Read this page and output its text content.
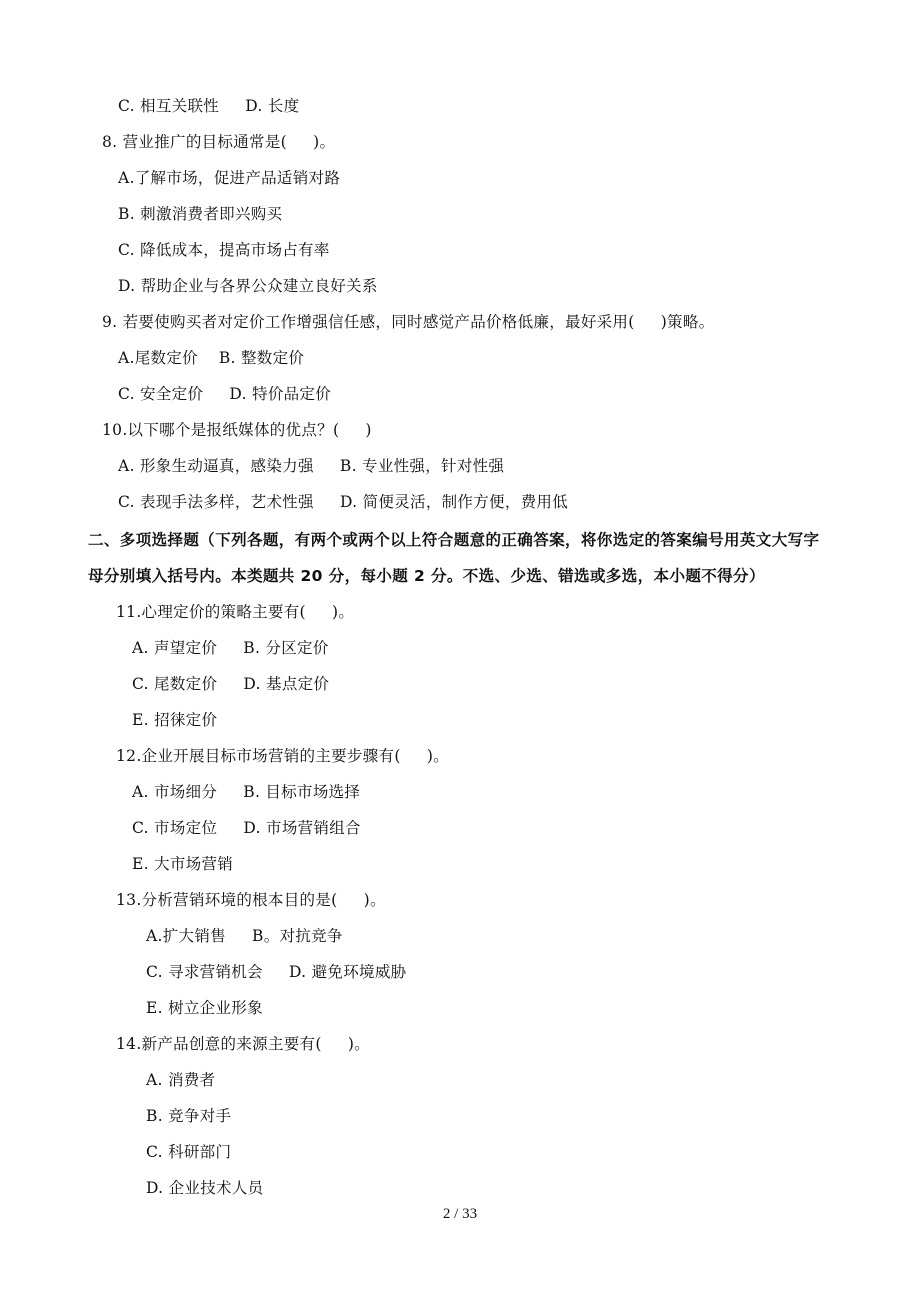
C. 相互关联性     D. 长度
8. 营业推广的目标通常是(     )。
A.了解市场，促进产品适销对路
B. 刺激消费者即兴购买
C. 降低成本，提高市场占有率
D. 帮助企业与各界公众建立良好关系
9. 若要使购买者对定价工作增强信任感，同时感觉产品价格低廉，最好采用(     )策略。
A.尾数定价    B. 整数定价
C. 安全定价     D. 特价品定价
10.以下哪个是报纸媒体的优点？(     )
A. 形象生动逼真，感染力强     B. 专业性强，针对性强
C. 表现手法多样，艺术性强     D. 简便灵活，制作方便，费用低
二、多项选择题（下列各题，有两个或两个以上符合题意的正确答案，将你选定的答案编号用英文大写字
母分别填入括号内。本类题共 20 分，每小题 2 分。不选、少选、错选或多选，本小题不得分）
11.心理定价的策略主要有(     )。
A. 声望定价     B. 分区定价
C. 尾数定价     D. 基点定价
E. 招徕定价
12.企业开展目标市场营销的主要步骤有(     )。
A. 市场细分     B. 目标市场选择
C. 市场定位     D. 市场营销组合
E. 大市场营销
13.分析营销环境的根本目的是(     )。
A.扩大销售     B。对抗竞争
C. 寻求营销机会     D. 避免环境威胁
E. 树立企业形象
14.新产品创意的来源主要有(     )。
A. 消费者
B. 竞争对手
C. 科研部门
D. 企业技术人员
2 / 33
